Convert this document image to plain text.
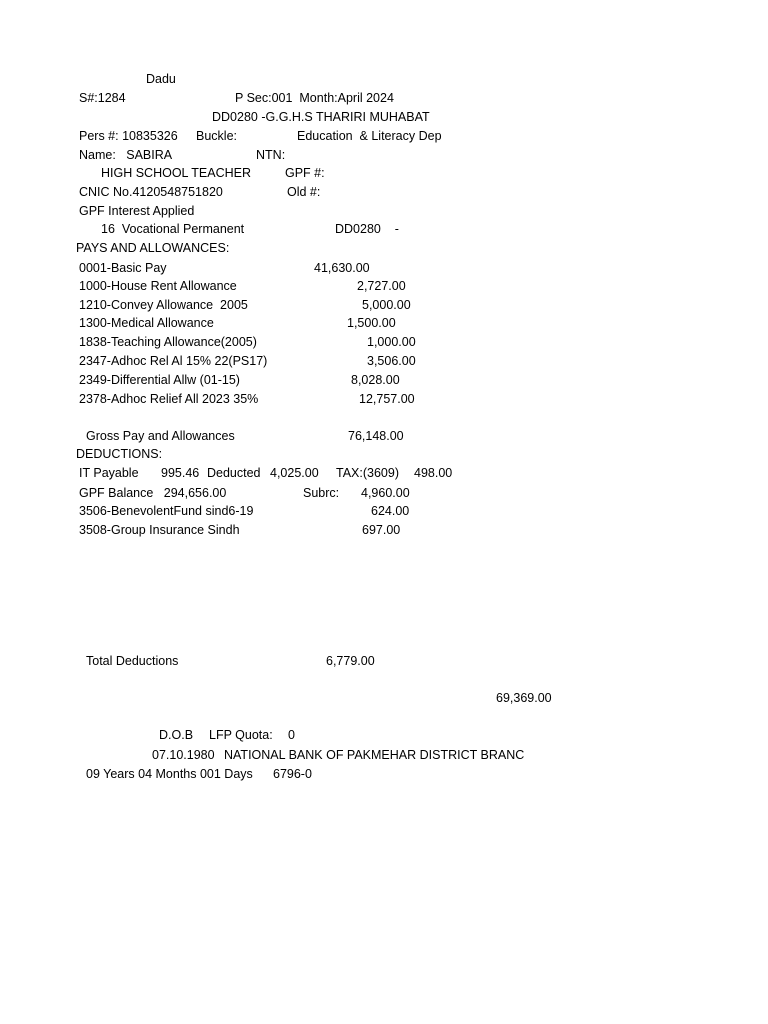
Dadu
S#:1284	P Sec:001  Month:April 2024
DD0280 -G.G.H.S THARIRI MUHABAT
Pers #: 10835326 Buckle:	Education  & Literacy Dep
Name:   SABIRA	NTN:
HIGH SCHOOL TEACHER	GPF #:
CNIC No.4120548751820	Old #:
GPF Interest Applied
16  Vocational Permanent	DD0280    -
PAYS AND ALLOWANCES:
0001-Basic Pay	41,630.00
1000-House Rent Allowance	2,727.00
1210-Convey Allowance  2005	5,000.00
1300-Medical Allowance	1,500.00
1838-Teaching Allowance(2005)	1,000.00
2347-Adhoc Rel Al 15% 22(PS17)	3,506.00
2349-Differential Allw (01-15)	8,028.00
2378-Adhoc Relief All 2023 35%	12,757.00
Gross Pay and Allowances	76,148.00
DEDUCTIONS:
IT Payable 995.46 Deducted 4,025.00 TAX:(3609) 498.00
GPF Balance   294,656.00	Subrc: 4,960.00
3506-BenevolentFund sind6-19	624.00
3508-Group Insurance Sindh	697.00
Total Deductions	6,779.00
69,369.00
D.O.B LFP Quota: 0
07.10.1980 NATIONAL BANK OF PAKMEHAR DISTRICT BRANC
09 Years 04 Months 001 Days 6796-0
